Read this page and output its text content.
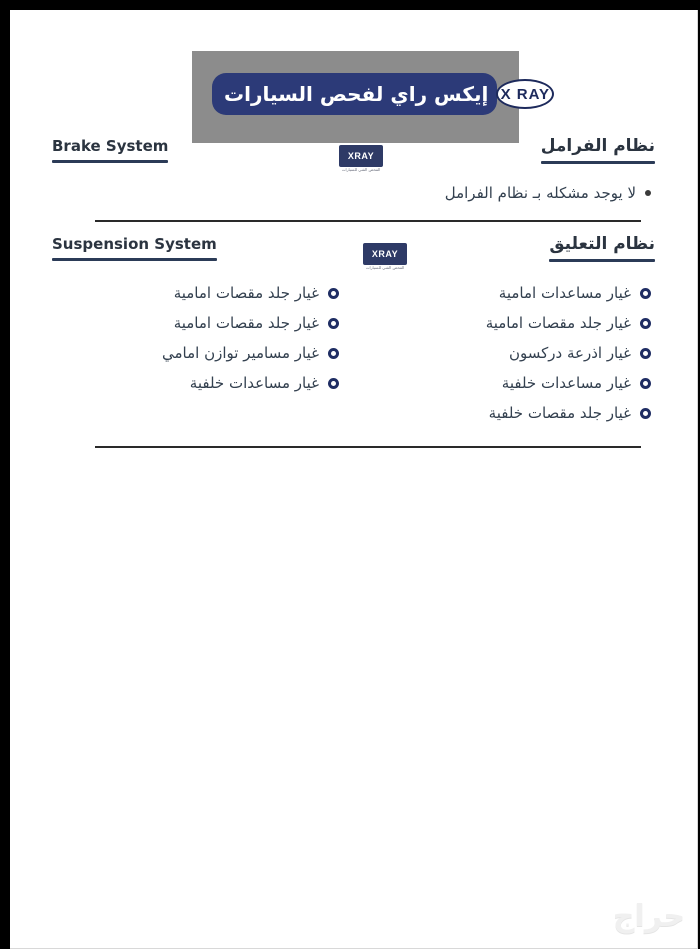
إيكس راي لفحص السيارات X RAY
XRAY
الفحص الفني للسيارات
XRAY
الفحص الفني للسيارات
Brake System	نظام الفرامل
لا يوجد مشكله بـ نظام الفرامل
Suspension System	نظام التعليق
غيار مساعدات امامية
غيار جلد مقصات امامية
غيار اذرعة دركسون
غيار مساعدات خلفية
غيار جلد مقصات خلفية
غيار جلد مقصات امامية
غيار جلد مقصات امامية
غيار مسامير توازن امامي
غيار مساعدات خلفية
حراج
